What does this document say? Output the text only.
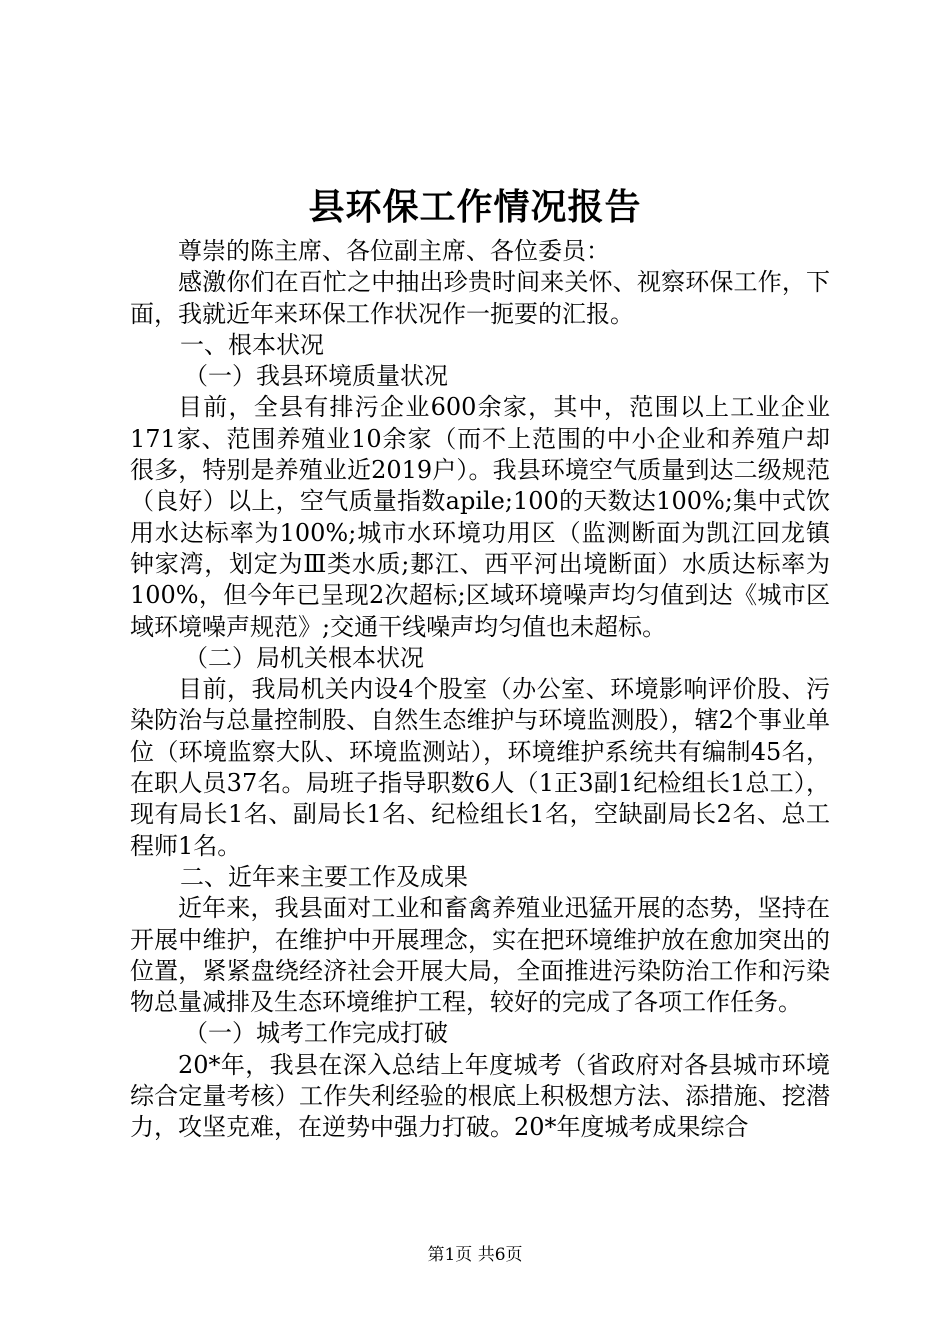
县环保工作情况报告

尊崇的陈主席、各位副主席、各位委员：

感激你们在百忙之中抽出珍贵时间来关怀、视察环保工作，下面，我就近年来环保工作状况作一扼要的汇报。

一、根本状况

（一）我县环境质量状况

目前，全县有排污企业600余家，其中，范围以上工业企业171家、范围养殖业10余家（而不上范围的中小企业和养殖户却很多，特别是养殖业近2019户）。我县环境空气质量到达二级规范（良好）以上，空气质量指数apile;100的天数达100%;集中式饮用水达标率为100%;城市水环境功用区（监测断面为凯江回龙镇钟家湾，划定为Ⅲ类水质;郪江、西平河出境断面）水质达标率为100%，但今年已呈现2次超标;区域环境噪声均匀值到达《城市区域环境噪声规范》;交通干线噪声均匀值也未超标。

（二）局机关根本状况

目前，我局机关内设4个股室（办公室、环境影响评价股、污染防治与总量控制股、自然生态维护与环境监测股），辖2个事业单位（环境监察大队、环境监测站），环境维护系统共有编制45名，在职人员37名。局班子指导职数6人（1正3副1纪检组长1总工），现有局长1名、副局长1名、纪检组长1名，空缺副局长2名、总工程师1名。

二、近年来主要工作及成果

近年来，我县面对工业和畜禽养殖业迅猛开展的态势，坚持在开展中维护，在维护中开展理念，实在把环境维护放在愈加突出的位置，紧紧盘绕经济社会开展大局，全面推进污染防治工作和污染物总量减排及生态环境维护工程，较好的完成了各项工作任务。

（一）城考工作完成打破

20*年，我县在深入总结上年度城考（省政府对各县城市环境综合定量考核）工作失利经验的根底上积极想方法、添措施、挖潜力，攻坚克难，在逆势中强力打破。20*年度城考成果综合

第1页 共6页
